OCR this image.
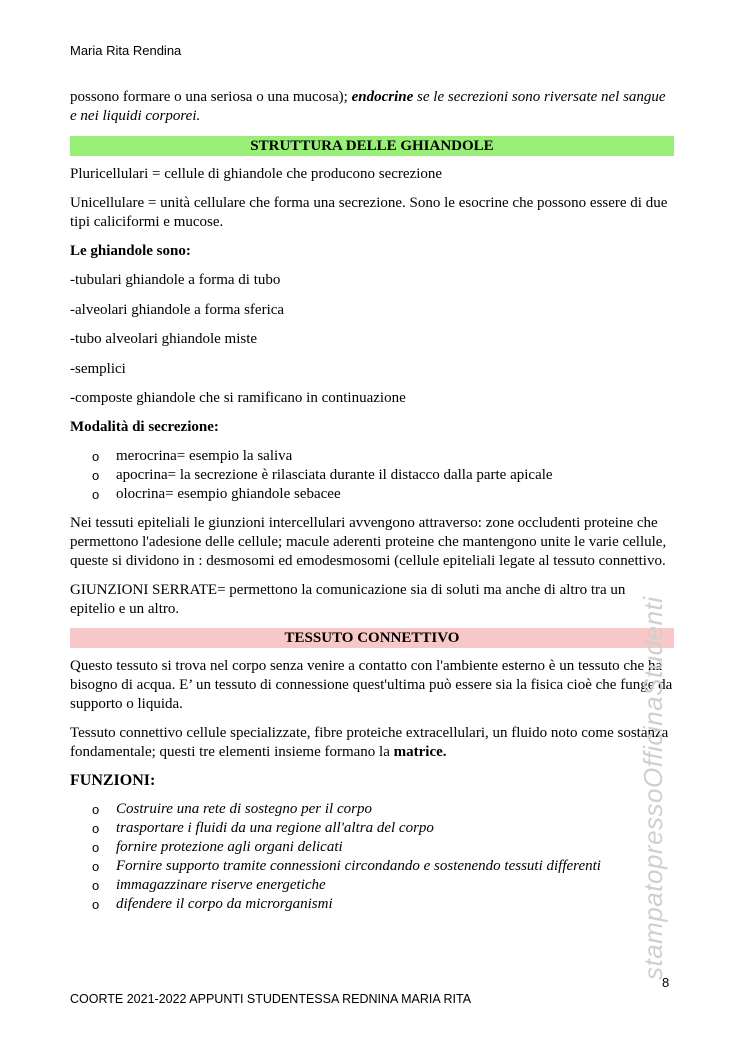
Maria Rita Rendina

possono formare o una seriosa o una mucosa); endocrine se le secrezioni sono riversate nel sangue e nei liquidi corporei.

STRUTTURA DELLE GHIANDOLE

Pluricellulari = cellule di ghiandole che producono secrezione

Unicellulare = unità cellulare che forma una secrezione. Sono le esocrine che possono essere di due tipi caliciformi e mucose.

Le ghiandole sono:

-tubulari ghiandole a forma di tubo

-alveolari ghiandole a forma sferica

-tubo alveolari ghiandole miste

-semplici

-composte ghiandole che si ramificano in continuazione

Modalità di secrezione:

o merocrina= esempio la saliva
o apocrina= la secrezione è rilasciata durante il distacco dalla parte apicale
o olocrina= esempio ghiandole sebacee

Nei tessuti epiteliali le giunzioni intercellulari avvengono attraverso: zone occludenti proteine che permettono l'adesione delle cellule; macule aderenti proteine che mantengono unite le varie cellule, queste si dividono in : desmosomi ed emodesmosomi (cellule epiteliali legate al tessuto connettivo.

GIUNZIONI SERRATE= permettono la comunicazione sia di soluti ma anche di altro tra un epitelio e un altro.

TESSUTO CONNETTIVO

Questo tessuto si trova nel corpo senza venire a contatto con l'ambiente esterno è un tessuto che ha bisogno di acqua. E’ un tessuto di connessione quest'ultima può essere sia la fisica cioè che funge da supporto o liquida.

Tessuto connettivo cellule specializzate, fibre proteiche extracellulari, un fluido noto come sostanza fondamentale; questi tre elementi insieme formano la matrice.

FUNZIONI:

o Costruire una rete di sostegno per il corpo
o trasportare i fluidi da una regione all'altra del corpo
o fornire protezione agli organi delicati
o Fornire supporto tramite connessioni circondando e sostenendo tessuti differenti
o immagazzinare riserve energetiche
o difendere il corpo da microrganismi	stampatopressoOfficinaStudenti
8
COORTE 2021-2022 APPUNTI STUDENTESSA REDNINA MARIA RITA
